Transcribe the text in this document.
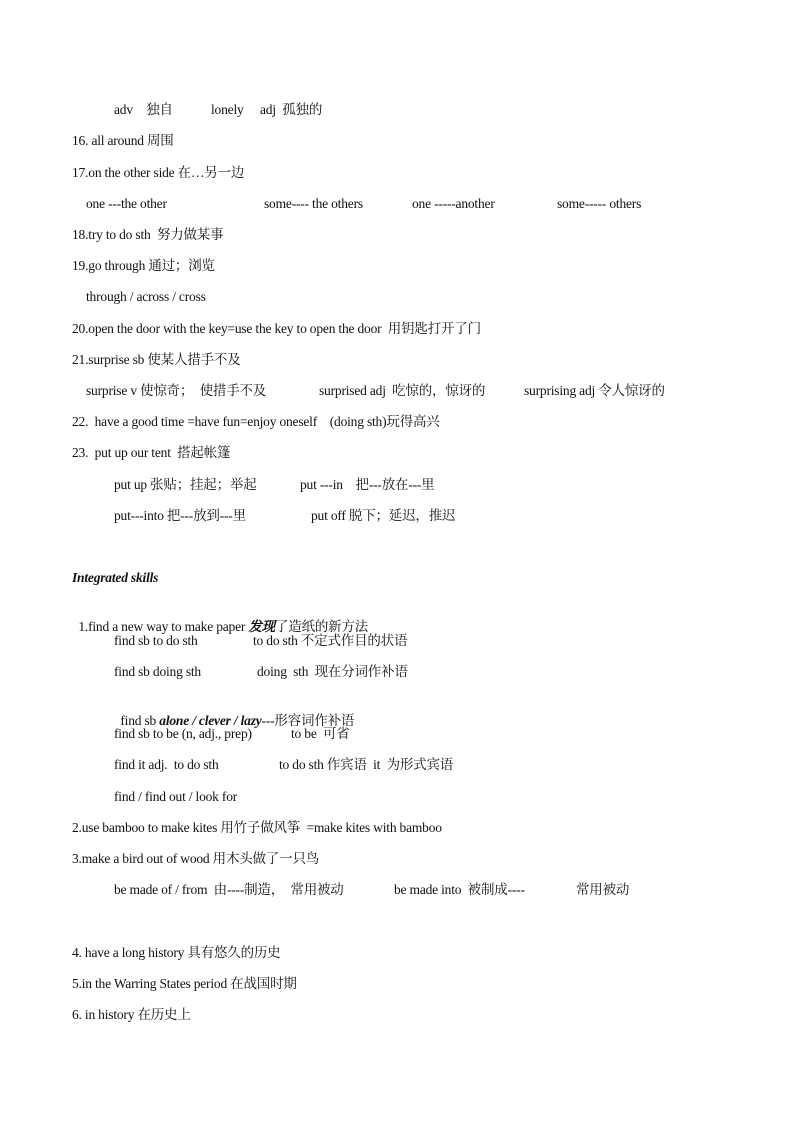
adv　独自	lonely　 adj  孤独的
16. all around 周围
17.on the other side 在…另一边
one ---the other	some---- the others	one -----another	some----- others
18.try to do sth  努力做某事
19.go through 通过；浏览
through / across / cross
20.open the door with the key=use the key to open the door  用钥匙打开了门
21.surprise sb 使某人措手不及
surprise v 使惊奇；  使措手不及	surprised adj  吃惊的，惊讶的	surprising adj 令人惊讶的
22.  have a good time =have fun=enjoy oneself    (doing sth)玩得高兴
23.  put up our tent  搭起帐篷
put up 张贴；挂起；举起	put ---in    把---放在---里
put---into 把---放到---里	put off 脱下；延迟，推迟
Integrated skills

1.find a new way to make paper 发现了造纸的新方法

find sb to do sth	to do sth 不定式作目的状语
find sb doing sth	doing  sth  现在分词作补语

find sb alone / clever / lazy---形容词作补语

find sb to be (n, adj., prep)	to be  可省
find it adj.  to do sth	to do sth 作宾语  it  为形式宾语
find / find out / look for
2.use bamboo to make kites 用竹子做风筝  =make kites with bamboo
3.make a bird out of wood 用木头做了一只鸟
be made of / from  由----制造，  常用被动	be made into  被制成----	常用被动
4. have a long history 具有悠久的历史
5.in the Warring States period 在战国时期
6. in history 在历史上
